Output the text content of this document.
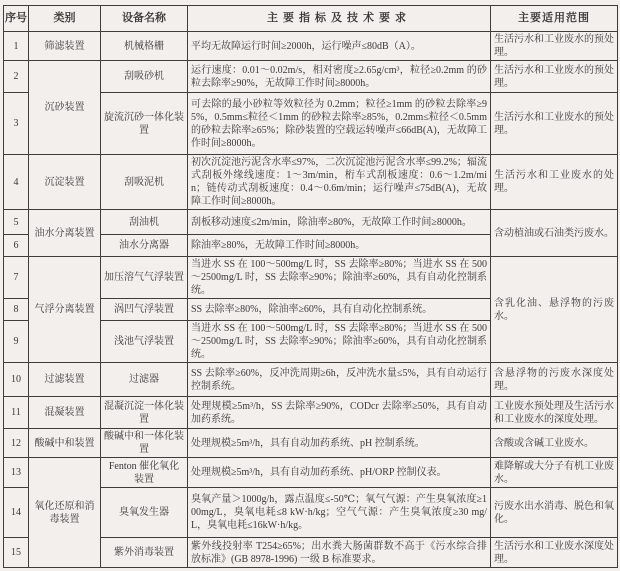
序号	类别	设备名称	主要指标及技术要求	主要适用范围
1	筛滤装置	机械格栅	平均无故障运行时间≥2000h，运行噪声≤80dB（A）。	生活污水和工业废水的预处理。
2	沉砂装置	刮吸砂机	运行速度：0.01～0.02m/s，相对密度≥2.65g/cm³，粒径≥0.2mm 的砂粒去除率≥90%，无故障工作时间≥8000h。	生活污水和工业废水的预处理。
3		旋流沉砂一体化装置	可去除的最小砂粒等效粒径为 0.2mm；粒径≥1mm 的砂粒去除率≥95%，0.5mm≤粒径＜1mm 的砂粒去除率≥85%，0.2mm≤粒径＜0.5mm 的砂粒去除率≥65%；除砂装置的空载运转噪声≤66dB(A)，无故障工作时间≥8000h。	生活污水和工业废水的预处理。
4	沉淀装置	刮吸泥机	初次沉淀池污泥含水率≤97%，二次沉淀池污泥含水率≤99.2%；辐流式刮板外缘线速度：1～3m/min，桁车式刮板速度：0.6～1.2m/min；链传动式刮板速度：0.4～0.6m/min；运行噪声≤75dB(A)，无故障工作时间≥8000h。	生活污水和工业废水的处理。
5	油水分离装置	刮油机	刮板移动速度≤2m/min，除油率≥80%，无故障工作时间≥8000h。	含动植油或石油类污废水。
6		油水分离器	除油率≥80%，无故障工作时间≥8000h。	
7	气浮分离装置	加压溶气气浮装置	当进水 SS 在 100～500mg/L 时，SS 去除率≥80%；当进水 SS 在 500～2500mg/L 时，SS 去除率≥90%；除油率≥60%，具有自动化控制系统。	含乳化油、悬浮物的污废水。
8		涡凹气浮装置	SS 去除率≥80%，除油率≥60%，具有自动化控制系统。	
9		浅池气浮装置	当进水 SS 在 100～500mg/L 时，SS 去除率≥80%；当进水 SS 在 500～2500mg/L 时，SS 去除率≥90%；除油率≥60%，具有自动化控制系统。	
10	过滤装置	过滤器	SS 去除率≥60%，反冲洗周期≥6h，反冲洗水量≤5%，具有自动运行控制系统。	含悬浮物的污废水深度处理。
11	混凝装置	混凝沉淀一体化装置	处理规模≥5m³/h，SS 去除率≥90%，CODcr 去除率≥50%，具有自动加药系统。	工业废水预处理及生活污水和工业废水的深度处理。
12	酸碱中和装置	酸碱中和一体化装置	处理规模≥5m³/h，具有自动加药系统、pH 控制系统。	含酸或含碱工业废水。
13	氧化还原和消毒装置	Fenton 催化氧化装置	处理规模≥5m³/h，具有自动加药系统、pH/ORP 控制仪表。	难降解或大分子有机工业废水。
14		臭氧发生器	臭氧产量＞1000g/h，露点温度≤-50℃；氧气气源：产生臭氧浓度≥100mg/L，臭氧电耗≤8 kW·h/kg；空气气源：产生臭氧浓度≥30 mg/L，臭氧电耗≤16kW·h/kg。	污废水出水消毒、脱色和氧化。
15		紫外消毒装置	紫外线投射率 T254≥65%；出水粪大肠菌群数不高于《污水综合排放标准》(GB 8978-1996) 一级 B 标准要求。	生活污水和工业废水深度处理。
